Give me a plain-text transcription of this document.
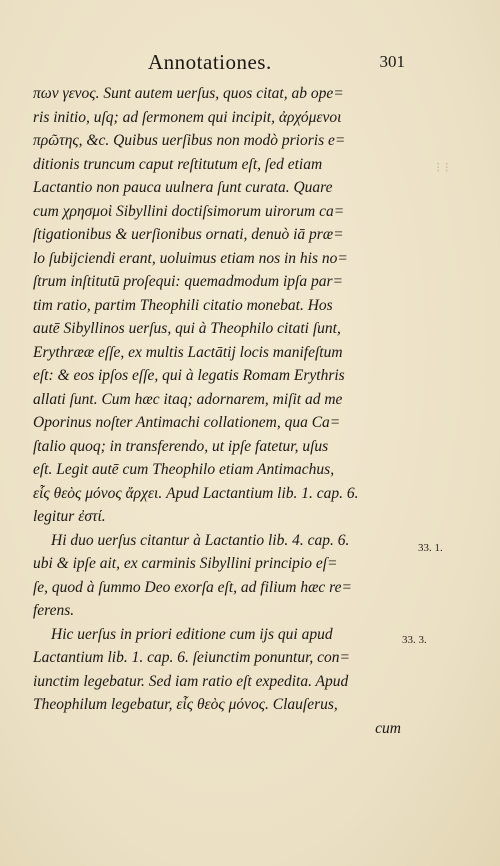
Annotationes.	301
⁝⁝
πων γενος. Sunt autem uerſus, quos citat, ab ope=
ris initio, uſq; ad ſermonem qui incipit, ἀρχόμενοι
πρῶτης, &c. Quibus uerſibus non modò prioris e=
ditionis truncum caput reſtitutum eſt, ſed etiam
Lactantio non pauca uulnera ſunt curata. Quare
cum χρησμοὶ Sibyllini doctiſsimorum uirorum ca=
ſtigationibus & uerſionibus ornati, denuò iā præ=
lo ſubijciendi erant, uoluimus etiam nos in his no=
ſtrum inſtitutū proſequi: quemadmodum ipſa par=
tim ratio, partim Theophili citatio monebat. Hos
autē Sibyllinos uerſus, qui à Theophilo citati ſunt,
Erythrææ eſſe, ex multis Lactātij locis manifeſtum
eſt: & eos ipſos eſſe, qui à legatis Romam Erythris
allati ſunt. Cum hæc itaq; adornarem, miſit ad me
Oporinus noſter Antimachi collationem, qua Ca=
ſtalio quoq; in transferendo, ut ipſe fatetur, uſus
eſt. Legit autē cum Theophilo etiam Antimachus,
εἷς θεὸς μόνος ἄρχει. Apud Lactantium lib. 1. cap. 6.
legitur ἐστί.
Hi duo uerſus citantur à Lactantio lib. 4. cap. 6.
ubi & ipſe ait, ex carminis Sibyllini principio eſ=
ſe, quod à ſummo Deo exorſa eſt, ad filium hæc re=
ferens.
Hic uerſus in priori editione cum ijs qui apud
Lactantium lib. 1. cap. 6. ſeiunctim ponuntur, con=
iunctim legebatur. Sed iam ratio eſt expedita. Apud
Theophilum legebatur, εἷς θεὸς μόνος. Clauſerus,
cum
33. 1.
33. 3.
